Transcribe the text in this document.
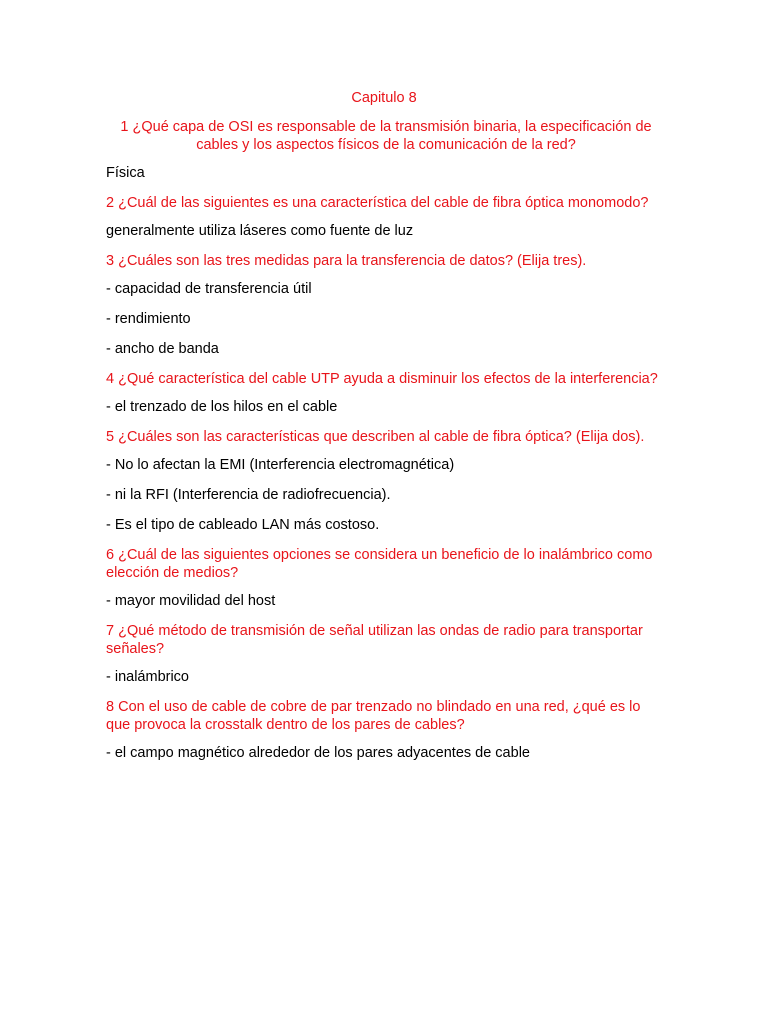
Capitulo 8

1 ¿Qué capa de OSI es responsable de la transmisión binaria, la especificación de cables y los aspectos físicos de la comunicación de la red?

Física

2 ¿Cuál de las siguientes es una característica del cable de fibra óptica monomodo?

generalmente utiliza láseres como fuente de luz

3 ¿Cuáles son las tres medidas para la transferencia de datos? (Elija tres).

- capacidad de transferencia útil

- rendimiento

- ancho de banda

4 ¿Qué característica del cable UTP ayuda a disminuir los efectos de la interferencia?

- el trenzado de los hilos en el cable

5 ¿Cuáles son las características que describen al cable de fibra óptica? (Elija dos).

- No lo afectan la EMI (Interferencia electromagnética)

- ni la RFI (Interferencia de radiofrecuencia).

- Es el tipo de cableado LAN más costoso.

6 ¿Cuál de las siguientes opciones se considera un beneficio de lo inalámbrico como elección de medios?

- mayor movilidad del host

7 ¿Qué método de transmisión de señal utilizan las ondas de radio para transportar señales?

- inalámbrico

8 Con el uso de cable de cobre de par trenzado no blindado en una red, ¿qué es lo que provoca la crosstalk dentro de los pares de cables?

- el campo magnético alrededor de los pares adyacentes de cable
